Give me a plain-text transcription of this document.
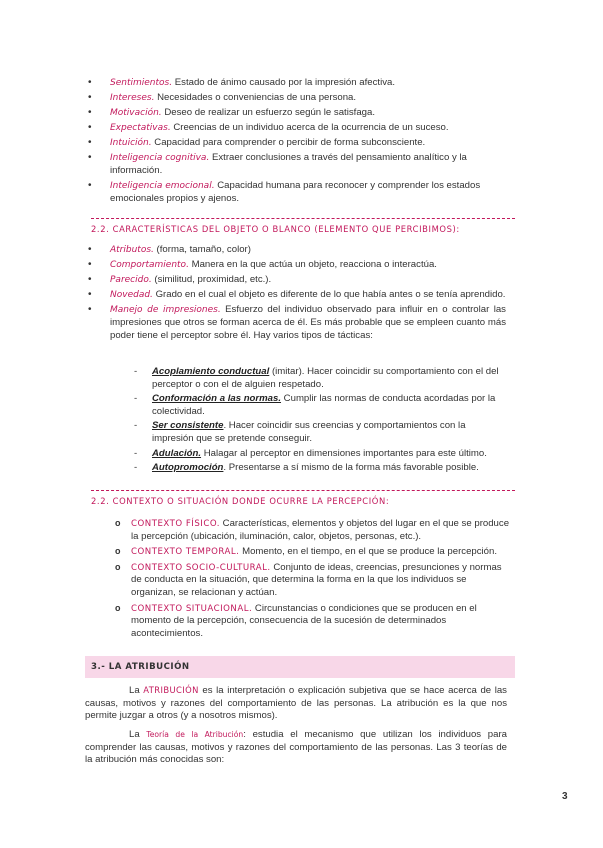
• Sentimientos. Estado de ánimo causado por la impresión afectiva.
• Intereses. Necesidades o conveniencias de una persona.
• Motivación. Deseo de realizar un esfuerzo según le satisfaga.
• Expectativas. Creencias de un individuo acerca de la ocurrencia de un suceso.
• Intuición. Capacidad para comprender o percibir de forma subconsciente.
• Inteligencia cognitiva. Extraer conclusiones a través del pensamiento analítico y la información.
• Inteligencia emocional. Capacidad humana para reconocer y comprender los estados emocionales propios y ajenos.
2.2. CARACTERÍSTICAS DEL OBJETO O BLANCO (ELEMENTO QUE PERCIBIMOS):
• Atributos. (forma, tamaño, color)
• Comportamiento. Manera en la que actúa un objeto, reacciona o interactúa.
• Parecido. (similitud, proximidad, etc.).
• Novedad. Grado en el cual el objeto es diferente de lo que había antes o se tenía aprendido.
• Manejo de impresiones. Esfuerzo del individuo observado para influir en o controlar las impresiones que otros se forman acerca de él. Es más probable que se empleen cuanto más poder tiene el perceptor sobre él. Hay varios tipos de tácticas:
- Acoplamiento conductual (imitar). Hacer coincidir su comportamiento con el del perceptor o con el de alguien respetado.
- Conformación a las normas. Cumplir las normas de conducta acordadas por la colectividad.
- Ser consistente. Hacer coincidir sus creencias y comportamientos con la impresión que se pretende conseguir.
- Adulación. Halagar al perceptor en dimensiones importantes para este último.
- Autopromoción. Presentarse a sí mismo de la forma más favorable posible.
2.2. CONTEXTO O SITUACIÓN DONDE OCURRE LA PERCEPCIÓN:
o CONTEXTO FÍSICO. Características, elementos y objetos del lugar en el que se produce la percepción (ubicación, iluminación, calor, objetos, personas, etc.).
o CONTEXTO TEMPORAL. Momento, en el tiempo, en el que se produce la percepción.
o CONTEXTO SOCIO-CULTURAL. Conjunto de ideas, creencias, presunciones y normas de conducta en la situación, que determina la forma en la que los individuos se organizan, se relacionan y actúan.
o CONTEXTO SITUACIONAL. Circunstancias o condiciones que se producen en el momento de la percepción, consecuencia de la sucesión de determinados acontecimientos.
3.- LA ATRIBUCIÓN

La ATRIBUCIÓN es la interpretación o explicación subjetiva que se hace acerca de las causas, motivos y razones del comportamiento de las personas. La atribución es la que nos permite juzgar a otros (y a nosotros mismos).

La Teoría de la Atribución: estudia el mecanismo que utilizan los individuos para comprender las causas, motivos y razones del comportamiento de las personas. Las 3 teorías de la atribución más conocidas son:

3
